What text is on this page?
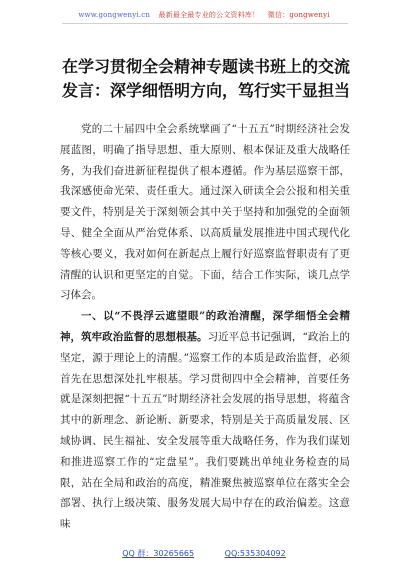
www.gongwenyi.cn 最新最全最专业的公文资料库！ 微信：gongwenyi
在学习贯彻全会精神专题读书班上的交流
发言：深学细悟明方向，笃行实干显担当

党的二十届四中全会系统擘画了“十五五”时期经济社会发展蓝图，明确了指导思想、重大原则、根本保证及重大战略任务，为我们奋进新征程提供了根本遵循。作为基层巡察干部，我深感使命光荣、责任重大。通过深入研读全会公报和相关重要文件，特别是关于深刻领会其中关于坚持和加强党的全面领导、健全全面从严治党体系、以高质量发展推进中国式现代化等核心要义，我对如何在新起点上履行好巡察监督职责有了更清醒的认识和更坚定的自觉。下面，结合工作实际，谈几点学习体会。

一、以“不畏浮云遮望眼”的政治清醒，深学细悟全会精神，筑牢政治监督的思想根基。习近平总书记强调，“政治上的坚定，源于理论上的清醒。”巡察工作的本质是政治监督，必须首先在思想深处扎牢根基。学习贯彻四中全会精神，首要任务就是深刻把握“十五五”时期经济社会发展的指导思想，将蕴含其中的新理念、新论断、新要求，特别是关于高质量发展、区域协调、民生福祉、安全发展等重大战略任务，作为我们谋划和推进巡察工作的“定盘星”。我们要跳出单纯业务检查的局限，站在全局和政治的高度，精准聚焦被巡察单位在落实全会部署、执行上级决策、服务发展大局中存在的政治偏差。这意味

QQ 群：30265665	QQ:535304092
